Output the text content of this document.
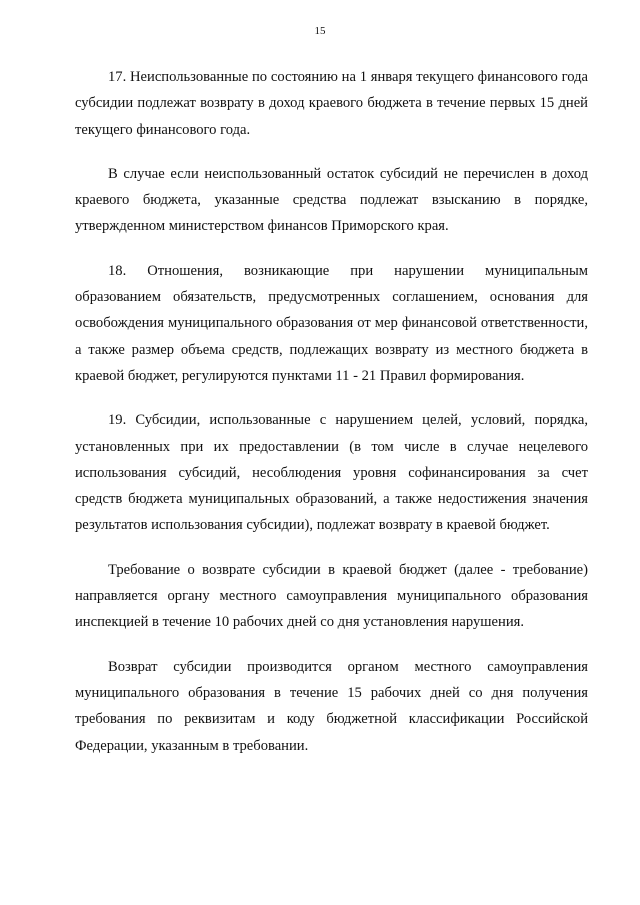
15

17. Неиспользованные по состоянию на 1 января текущего финансового года субсидии подлежат возврату в доход краевого бюджета в течение первых 15 дней текущего финансового года.

В случае если неиспользованный остаток субсидий не перечислен в доход краевого бюджета, указанные средства подлежат взысканию в порядке, утвержденном министерством финансов Приморского края.

18. Отношения, возникающие при нарушении муниципальным образованием обязательств, предусмотренных соглашением, основания для освобождения муниципального образования от мер финансовой ответственности, а также размер объема средств, подлежащих возврату из местного бюджета в краевой бюджет, регулируются пунктами 11 - 21 Правил формирования.

19. Субсидии, использованные с нарушением целей, условий, порядка, установленных при их предоставлении (в том числе в случае нецелевого использования субсидий, несоблюдения уровня софинансирования за счет средств бюджета муниципальных образований, а также недостижения значения результатов использования субсидии), подлежат возврату в краевой бюджет.

Требование о возврате субсидии в краевой бюджет (далее - требование) направляется органу местного самоуправления муниципального образования инспекцией в течение 10 рабочих дней со дня установления нарушения.

Возврат субсидии производится органом местного самоуправления муниципального образования в течение 15 рабочих дней со дня получения требования по реквизитам и коду бюджетной классификации Российской Федерации, указанным в требовании.
